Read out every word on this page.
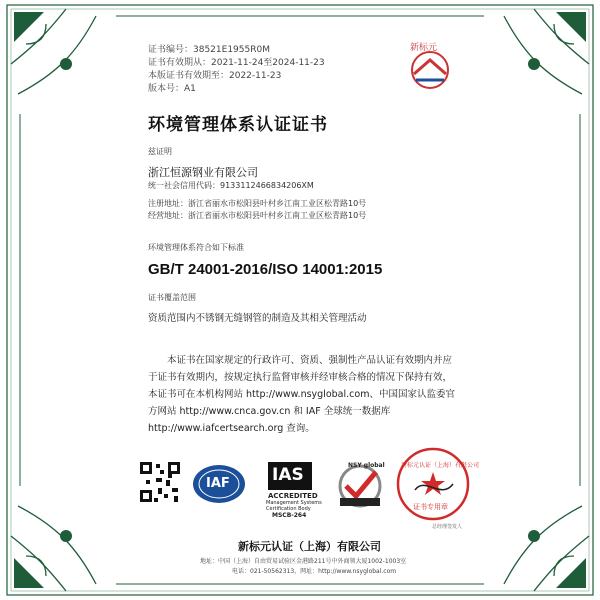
证书编号：38521E1955R0M
证书有效期从：2021-11-24至2024-11-23
本版证书有效期至：2022-11-23
版本号：A1
新标元
环境管理体系认证证书
兹证明
浙江恒源钢业有限公司
统一社会信用代码：9133112466834206XM
注册地址：浙江省丽水市松阳县叶村乡江南工业区松青路10号
经营地址：浙江省丽水市松阳县叶村乡江南工业区松青路10号
环境管理体系符合如下标准
GB/T 24001-2016/ISO 14001:2015
证书覆盖范围
资质范围内不锈钢无缝钢管的制造及其相关管理活动
本证书在国家规定的行政许可、资质、强制性产品认证有效期内并应于证书有效期内，按规定执行监督审核并经审核合格的情况下保持有效，本证书可在本机构网站 http://www.nsyglobal.com、中国国家认监委官方网站 http://www.cnca.gov.cn 和 IAF 全球统一数据库 http://www.iafcertsearch.org 查询。
IAF IAS
ACCREDITED
Management Systems
Certification Body
MSCB-264
NSY global	新标元认证（上海）有限公司
证书专用章
总经理签发人
新标元认证（上海）有限公司
地址：中国（上海）自由贸易试验区金港路211号中外商领大厦1002-1003室
电话：021-50562313，网址：http://www.nsyglobal.com
